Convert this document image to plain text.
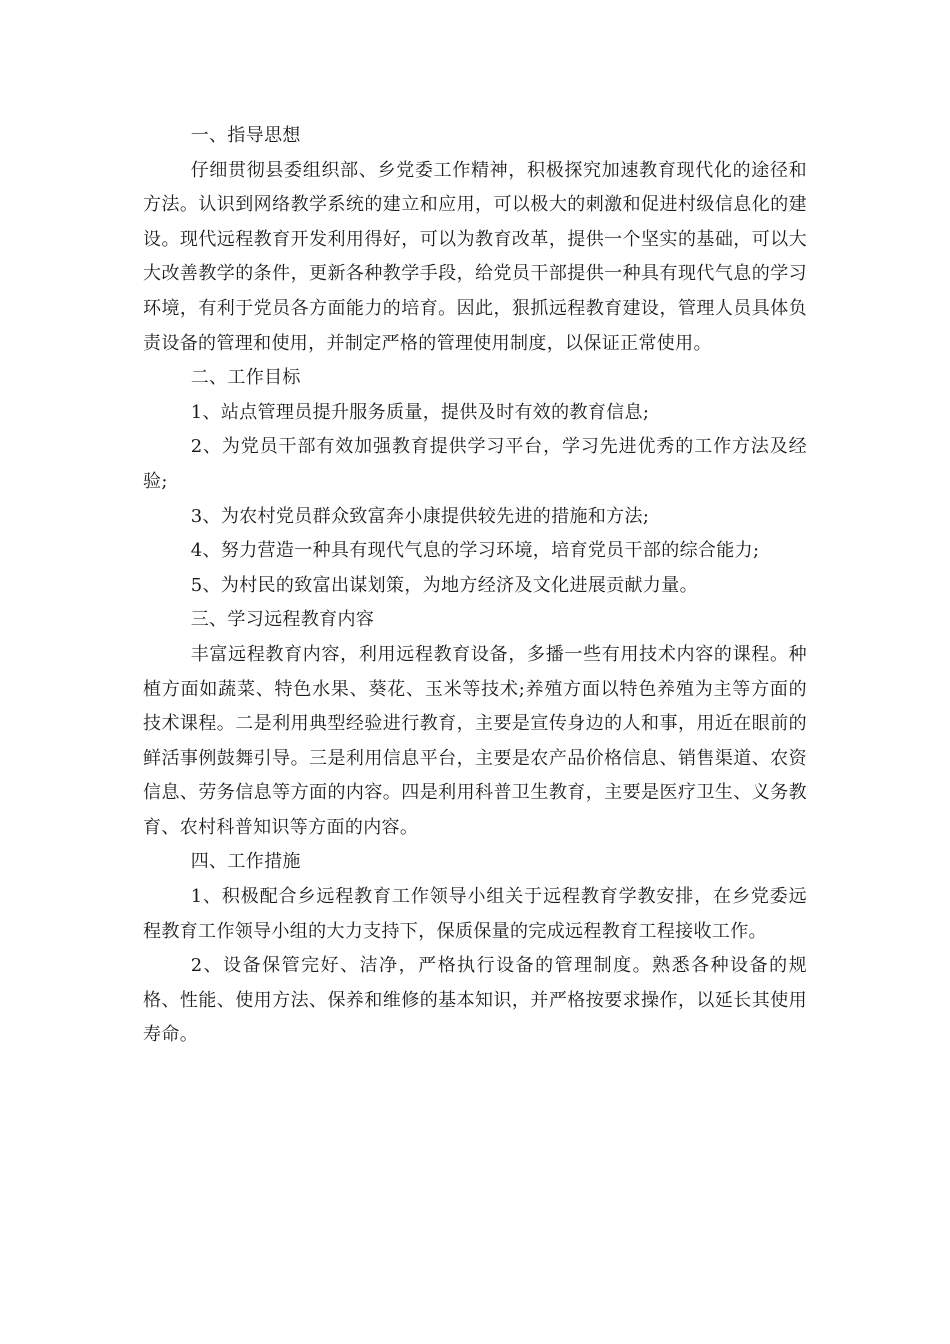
一、指导思想

仔细贯彻县委组织部、乡党委工作精神，积极探究加速教育现代化的途径和方法。认识到网络教学系统的建立和应用，可以极大的刺激和促进村级信息化的建设。现代远程教育开发利用得好，可以为教育改革，提供一个坚实的基础，可以大大改善教学的条件，更新各种教学手段，给党员干部提供一种具有现代气息的学习环境，有利于党员各方面能力的培育。因此，狠抓远程教育建设，管理人员具体负责设备的管理和使用，并制定严格的管理使用制度，以保证正常使用。

二、工作目标

1、站点管理员提升服务质量，提供及时有效的教育信息;

2、为党员干部有效加强教育提供学习平台，学习先进优秀的工作方法及经验;

3、为农村党员群众致富奔小康提供较先进的措施和方法;

4、努力营造一种具有现代气息的学习环境，培育党员干部的综合能力;

5、为村民的致富出谋划策，为地方经济及文化进展贡献力量。

三、学习远程教育内容

丰富远程教育内容，利用远程教育设备，多播一些有用技术内容的课程。种植方面如蔬菜、特色水果、葵花、玉米等技术;养殖方面以特色养殖为主等方面的技术课程。二是利用典型经验进行教育，主要是宣传身边的人和事，用近在眼前的鲜活事例鼓舞引导。三是利用信息平台，主要是农产品价格信息、销售渠道、农资信息、劳务信息等方面的内容。四是利用科普卫生教育，主要是医疗卫生、义务教育、农村科普知识等方面的内容。

四、工作措施

1、积极配合乡远程教育工作领导小组关于远程教育学教安排，在乡党委远程教育工作领导小组的大力支持下，保质保量的完成远程教育工程接收工作。

2、设备保管完好、洁净，严格执行设备的管理制度。熟悉各种设备的规格、性能、使用方法、保养和维修的基本知识，并严格按要求操作，以延长其使用寿命。
